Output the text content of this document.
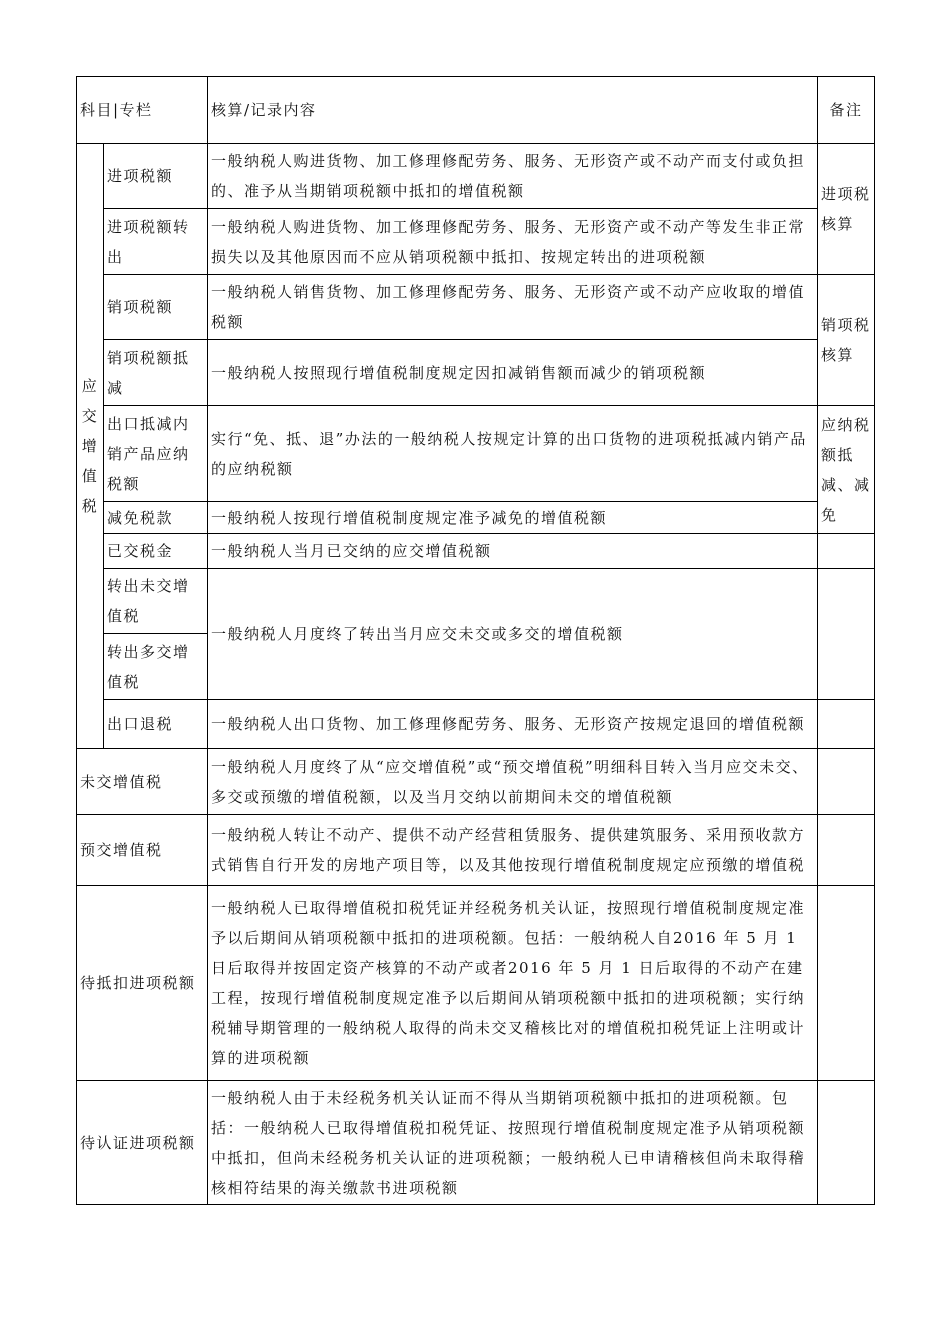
科目|专栏		核算/记录内容	备注
应交增值税	进项税额	一般纳税人购进货物、加工修理修配劳务、服务、无形资产或不动产而支付或负担的、准予从当期销项税额中抵扣的增值税额	进项税核算
	进项税额转出	一般纳税人购进货物、加工修理修配劳务、服务、无形资产或不动产等发生非正常损失以及其他原因而不应从销项税额中抵扣、按规定转出的进项税额	
	销项税额	一般纳税人销售货物、加工修理修配劳务、服务、无形资产或不动产应收取的增值税额	销项税核算
	销项税额抵减	一般纳税人按照现行增值税制度规定因扣减销售额而减少的销项税额	
	出口抵减内销产品应纳税额	实行“免、抵、退”办法的一般纳税人按规定计算的出口货物的进项税抵减内销产品的应纳税额	应纳税额抵减、减免
	减免税款	一般纳税人按现行增值税制度规定准予减免的增值税额	
	已交税金	一般纳税人当月已交纳的应交增值税额	
	转出未交增值税	一般纳税人月度终了转出当月应交未交或多交的增值税额	
	转出多交增值税		
	出口退税	一般纳税人出口货物、加工修理修配劳务、服务、无形资产按规定退回的增值税额	
未交增值税		一般纳税人月度终了从“应交增值税”或“预交增值税”明细科目转入当月应交未交、多交或预缴的增值税额，以及当月交纳以前期间未交的增值税额	
预交增值税		一般纳税人转让不动产、提供不动产经营租赁服务、提供建筑服务、采用预收款方式销售自行开发的房地产项目等，以及其他按现行增值税制度规定应预缴的增值税	
待抵扣进项税额		一般纳税人已取得增值税扣税凭证并经税务机关认证，按照现行增值税制度规定准予以后期间从销项税额中抵扣的进项税额。包括：一般纳税人自2016 年 5 月 1 日后取得并按固定资产核算的不动产或者2016 年 5 月 1 日后取得的不动产在建工程，按现行增值税制度规定准予以后期间从销项税额中抵扣的进项税额；实行纳税辅导期管理的一般纳税人取得的尚未交叉稽核比对的增值税扣税凭证上注明或计算的进项税额	
待认证进项税额		一般纳税人由于未经税务机关认证而不得从当期销项税额中抵扣的进项税额。包括：一般纳税人已取得增值税扣税凭证、按照现行增值税制度规定准予从销项税额中抵扣，但尚未经税务机关认证的进项税额；一般纳税人已申请稽核但尚未取得稽核相符结果的海关缴款书进项税额	
